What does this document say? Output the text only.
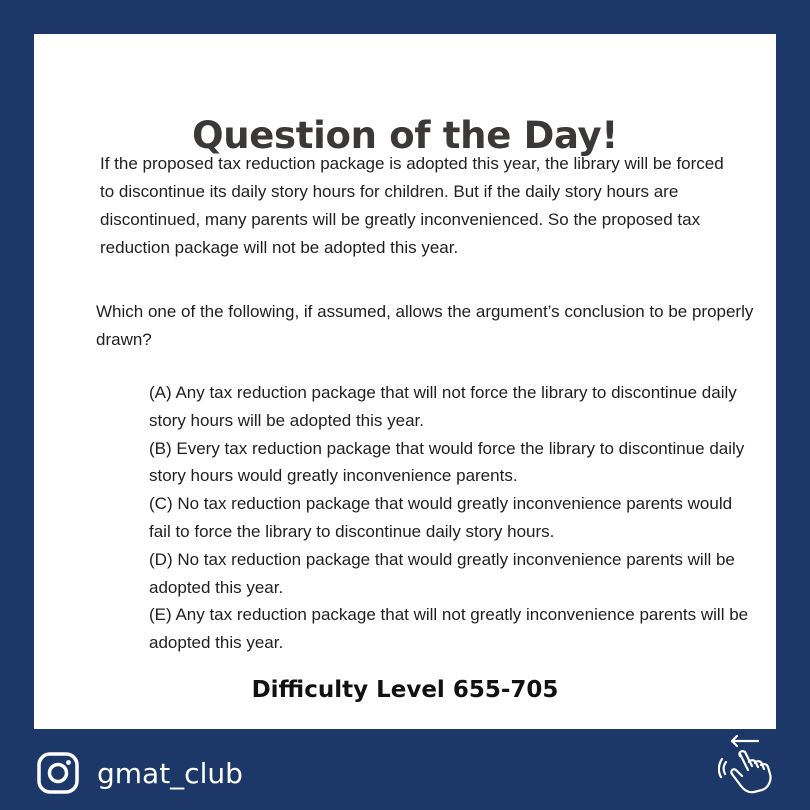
Question of the Day!

If the proposed tax reduction package is adopted this year, the library will be forced to discontinue its daily story hours for children. But if the daily story hours are discontinued, many parents will be greatly inconvenienced. So the proposed tax reduction package will not be adopted this year.

Which one of the following, if assumed, allows the argument’s conclusion to be properly drawn?

(A) Any tax reduction package that will not force the library to discontinue daily story hours will be adopted this year.
(B) Every tax reduction package that would force the library to discontinue daily story hours would greatly inconvenience parents.
(C) No tax reduction package that would greatly inconvenience parents would fail to force the library to discontinue daily story hours.
(D) No tax reduction package that would greatly inconvenience parents will be adopted this year.
(E) Any tax reduction package that will not greatly inconvenience parents will be adopted this year.

Difficulty Level 655-705

gmat_club
